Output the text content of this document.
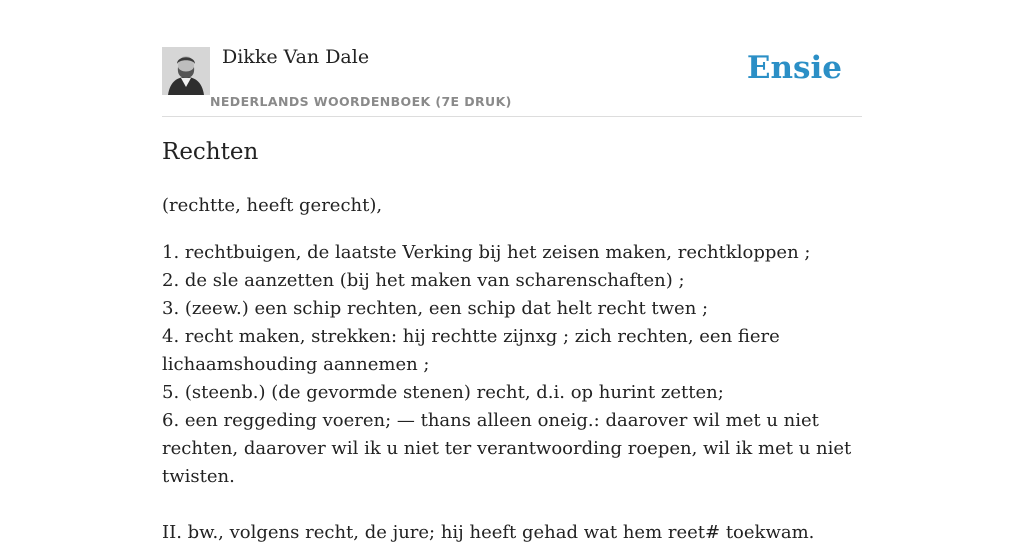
Dikke Van Dale
NEDERLANDS WOORDENBOEK (7E DRUK)
Ensie
Rechten

(rechtte, heeft gerecht),

1. rechtbuigen, de laatste Verking bij het zeisen maken, rechtkloppen ;
2. de sle aanzetten (bij het maken van scharenschaften) ;
3. (zeew.) een schip rechten, een schip dat helt recht twen ;
4. recht maken, strekken: hij rechtte zijnxg ; zich rechten, een fiere lichaamshouding aannemen ;
5. (steenb.) (de gevormde stenen) recht, d.i. op hurint zetten;
6. een reggeding voeren; — thans alleen oneig.: daarover wil met u niet rechten, daarover wil ik u niet ter verantwoording roepen, wil ik met u niet twisten.

II. bw., volgens recht, de jure; hij heeft gehad wat hem reet# toekwam.
